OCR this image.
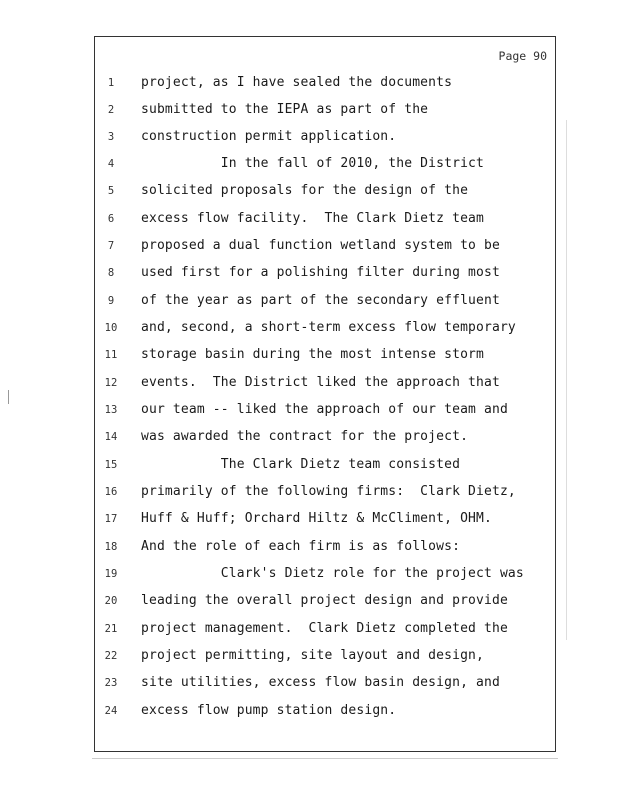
Page 90
1	project, as I have sealed the documents
2	submitted to the IEPA as part of the
3	construction permit application.
4	In the fall of 2010, the District
5	solicited proposals for the design of the
6	excess flow facility.  The Clark Dietz team
7	proposed a dual function wetland system to be
8	used first for a polishing filter during most
9	of the year as part of the secondary effluent
10	and, second, a short-term excess flow temporary
11	storage basin during the most intense storm
12	events.  The District liked the approach that
13	our team -- liked the approach of our team and
14	was awarded the contract for the project.
15	The Clark Dietz team consisted
16	primarily of the following firms:  Clark Dietz,
17	Huff & Huff; Orchard Hiltz & McCliment, OHM.
18	And the role of each firm is as follows:
19	Clark's Dietz role for the project was
20	leading the overall project design and provide
21	project management.  Clark Dietz completed the
22	project permitting, site layout and design,
23	site utilities, excess flow basin design, and
24	excess flow pump station design.
